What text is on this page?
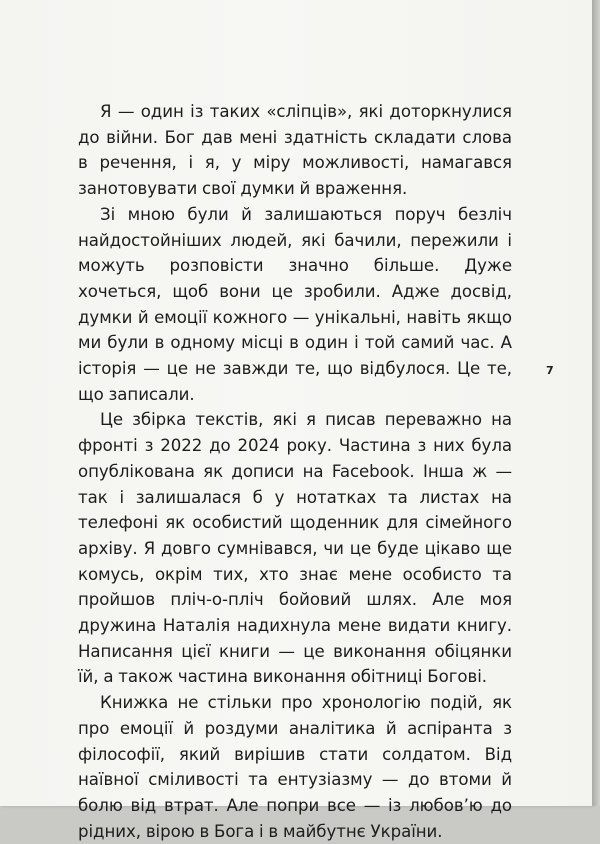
Я — один із таких «сліпців», які доторкнулися до війни. Бог дав мені здатність складати слова в речення, і я, у міру можливості, намагався занотовувати свої думки й враження.

Зі мною були й залишаються поруч безліч найдостойніших людей, які бачили, пережили і можуть розповісти значно більше. Дуже хочеться, щоб вони це зробили. Адже досвід, думки й емоції кожного — унікальні, навіть якщо ми були в одному місці в один і той самий час. А історія — це не завжди те, що відбулося. Це те, що записали.

Це збірка текстів, які я писав переважно на фронті з 2022 до 2024 року. Частина з них була опублікована як дописи на Facebook. Інша ж — так і залишалася б у нотатках та листах на телефоні як особистий щоденник для сімейного архіву. Я довго сумнівався, чи це буде цікаво ще комусь, окрім тих, хто знає мене особисто та пройшов пліч-о-пліч бойовий шлях. Але моя дружина Наталія надихнула мене видати книгу. Написання цієї книги — це виконання обіцянки їй, а також частина виконання обітниці Богові.

Книжка не стільки про хронологію подій, як про емоції й роздуми аналітика й аспіранта з філософії, який вирішив стати солдатом. Від наївної сміливості та ентузіазму — до втоми й болю від втрат. Але попри все — із любов’ю до рідних, вірою в Бога і в майбутнє України.

7
